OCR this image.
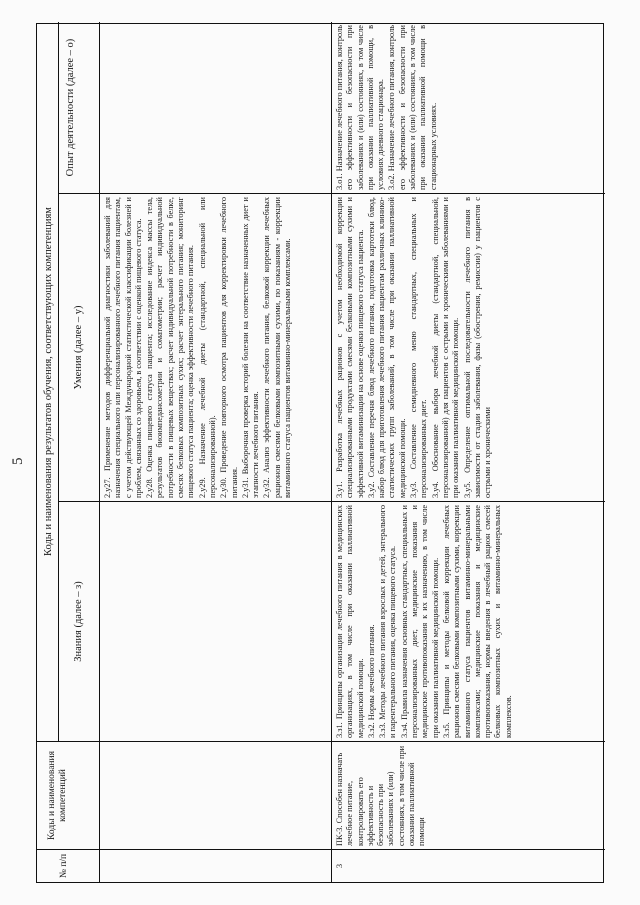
5
№ п/п
Коды и наименования компетенций
Коды и наименования результатов обучения, соответствующих компетенциям
Знания (далее – з)
Умения (далее – у)
Опыт деятельности (далее – о)

2.у27. Применение методов дифференциальной диагностики заболеваний для назначения специального или персонализированного лечебного питания пациентам, с учетом действующей Международной статистической классификации болезней и проблем, связанных со здоровьем, в соответствии с оценкой пищевого статуса. 2.у28. Оценка пищевого статуса пациента; исследование индекса массы тела, результатов биоимпедансометрии и соматометрии; расчет индивидуальной потребности в пищевых веществах; расчет индивидуальной потребности в белке, смесях белковых композитных сухих; расчет энтерального питания; мониторинг пищевого статуса пациента; оценка эффективности лечебного питания. 2.у29. Назначение лечебной диеты (стандартной, специальной или персонализированной). 2.у30. Проведение повторного осмотра пациентов для корректировки лечебного питания. 2.у31. Выборочная проверка историй болезни на соответствие назначенных диет и этапности лечебного питания. 2.у32. Анализ эффективности лечебного питания, белковой коррекции лечебных рационов смесями белковыми композитными сухими, по показаниям - коррекции витаминного статуса пациентов витаминно-минеральными комплексами.

3
ПК-3. Способен назначать лечебное питание, контролировать его эффективность и безопасность при заболеваниях и (или) состояниях, в том числе при оказании паллиативной помощи

3.з1. Принципы организации лечебного питания в медицинских организациях, в том числе при оказании паллиативной медицинской помощи. 3.з2. Нормы лечебного питания. 3.з3. Методы лечебного питания взрослых и детей, энтерального и парентерального питания, оценка пищевого статуса. 3.з4. Правила назначения основных стандартных, специальных и персонализированных диет, медицинские показания и медицинские противопоказания к их назначению, в том числе при оказании паллиативной медицинской помощи. 3.з5. Принципы и методы белковой коррекции лечебных рационов смесями белковыми композитными сухими, коррекции витаминного статуса пациентов витаминно-минеральными комплексами; медицинские показания и медицинские противопоказания, нормы введения в лечебный рацион смесей белковых композитных сухих и витаминно-минеральных комплексов.

3.у1. Разработка лечебных рационов с учетом необходимой коррекции специализированными продуктами смесями белковыми композитными сухими и эффективной витаминизации на основе оценки пищевого статуса пациента. 3.у2. Составление перечня блюд лечебного питания, подготовка картотеки блюд, набор блюд для приготовления лечебного питания пациентам различных клинико-статистических групп заболеваний, в том числе при оказании паллиативной медицинской помощи. 3.у3. Составление семидневного меню стандартных, специальных и персонализированных диет. 3.у4. Обоснование выбора лечебной диеты (стандартной, специальной, персонализированной) для пациентов с острыми и хроническими заболеваниями и при оказании паллиативной медицинской помощи. 3.у5. Определение оптимальной последовательности лечебного питания в зависимости от стадии заболевания, фазы (обострения, ремиссии) у пациентов с острыми и хроническими

3.о1. Назначение лечебного питания, контроль его эффективности и безопасности при заболеваниях и (или) состояниях, в том числе при оказании паллиативной помощи, в условиях дневного стационара. 3.о2. Назначение лечебного питания, контроль его эффективности и безопасности при заболеваниях и (или) состояниях, в том числе при оказании паллиативной помощи в стационарных условиях.
